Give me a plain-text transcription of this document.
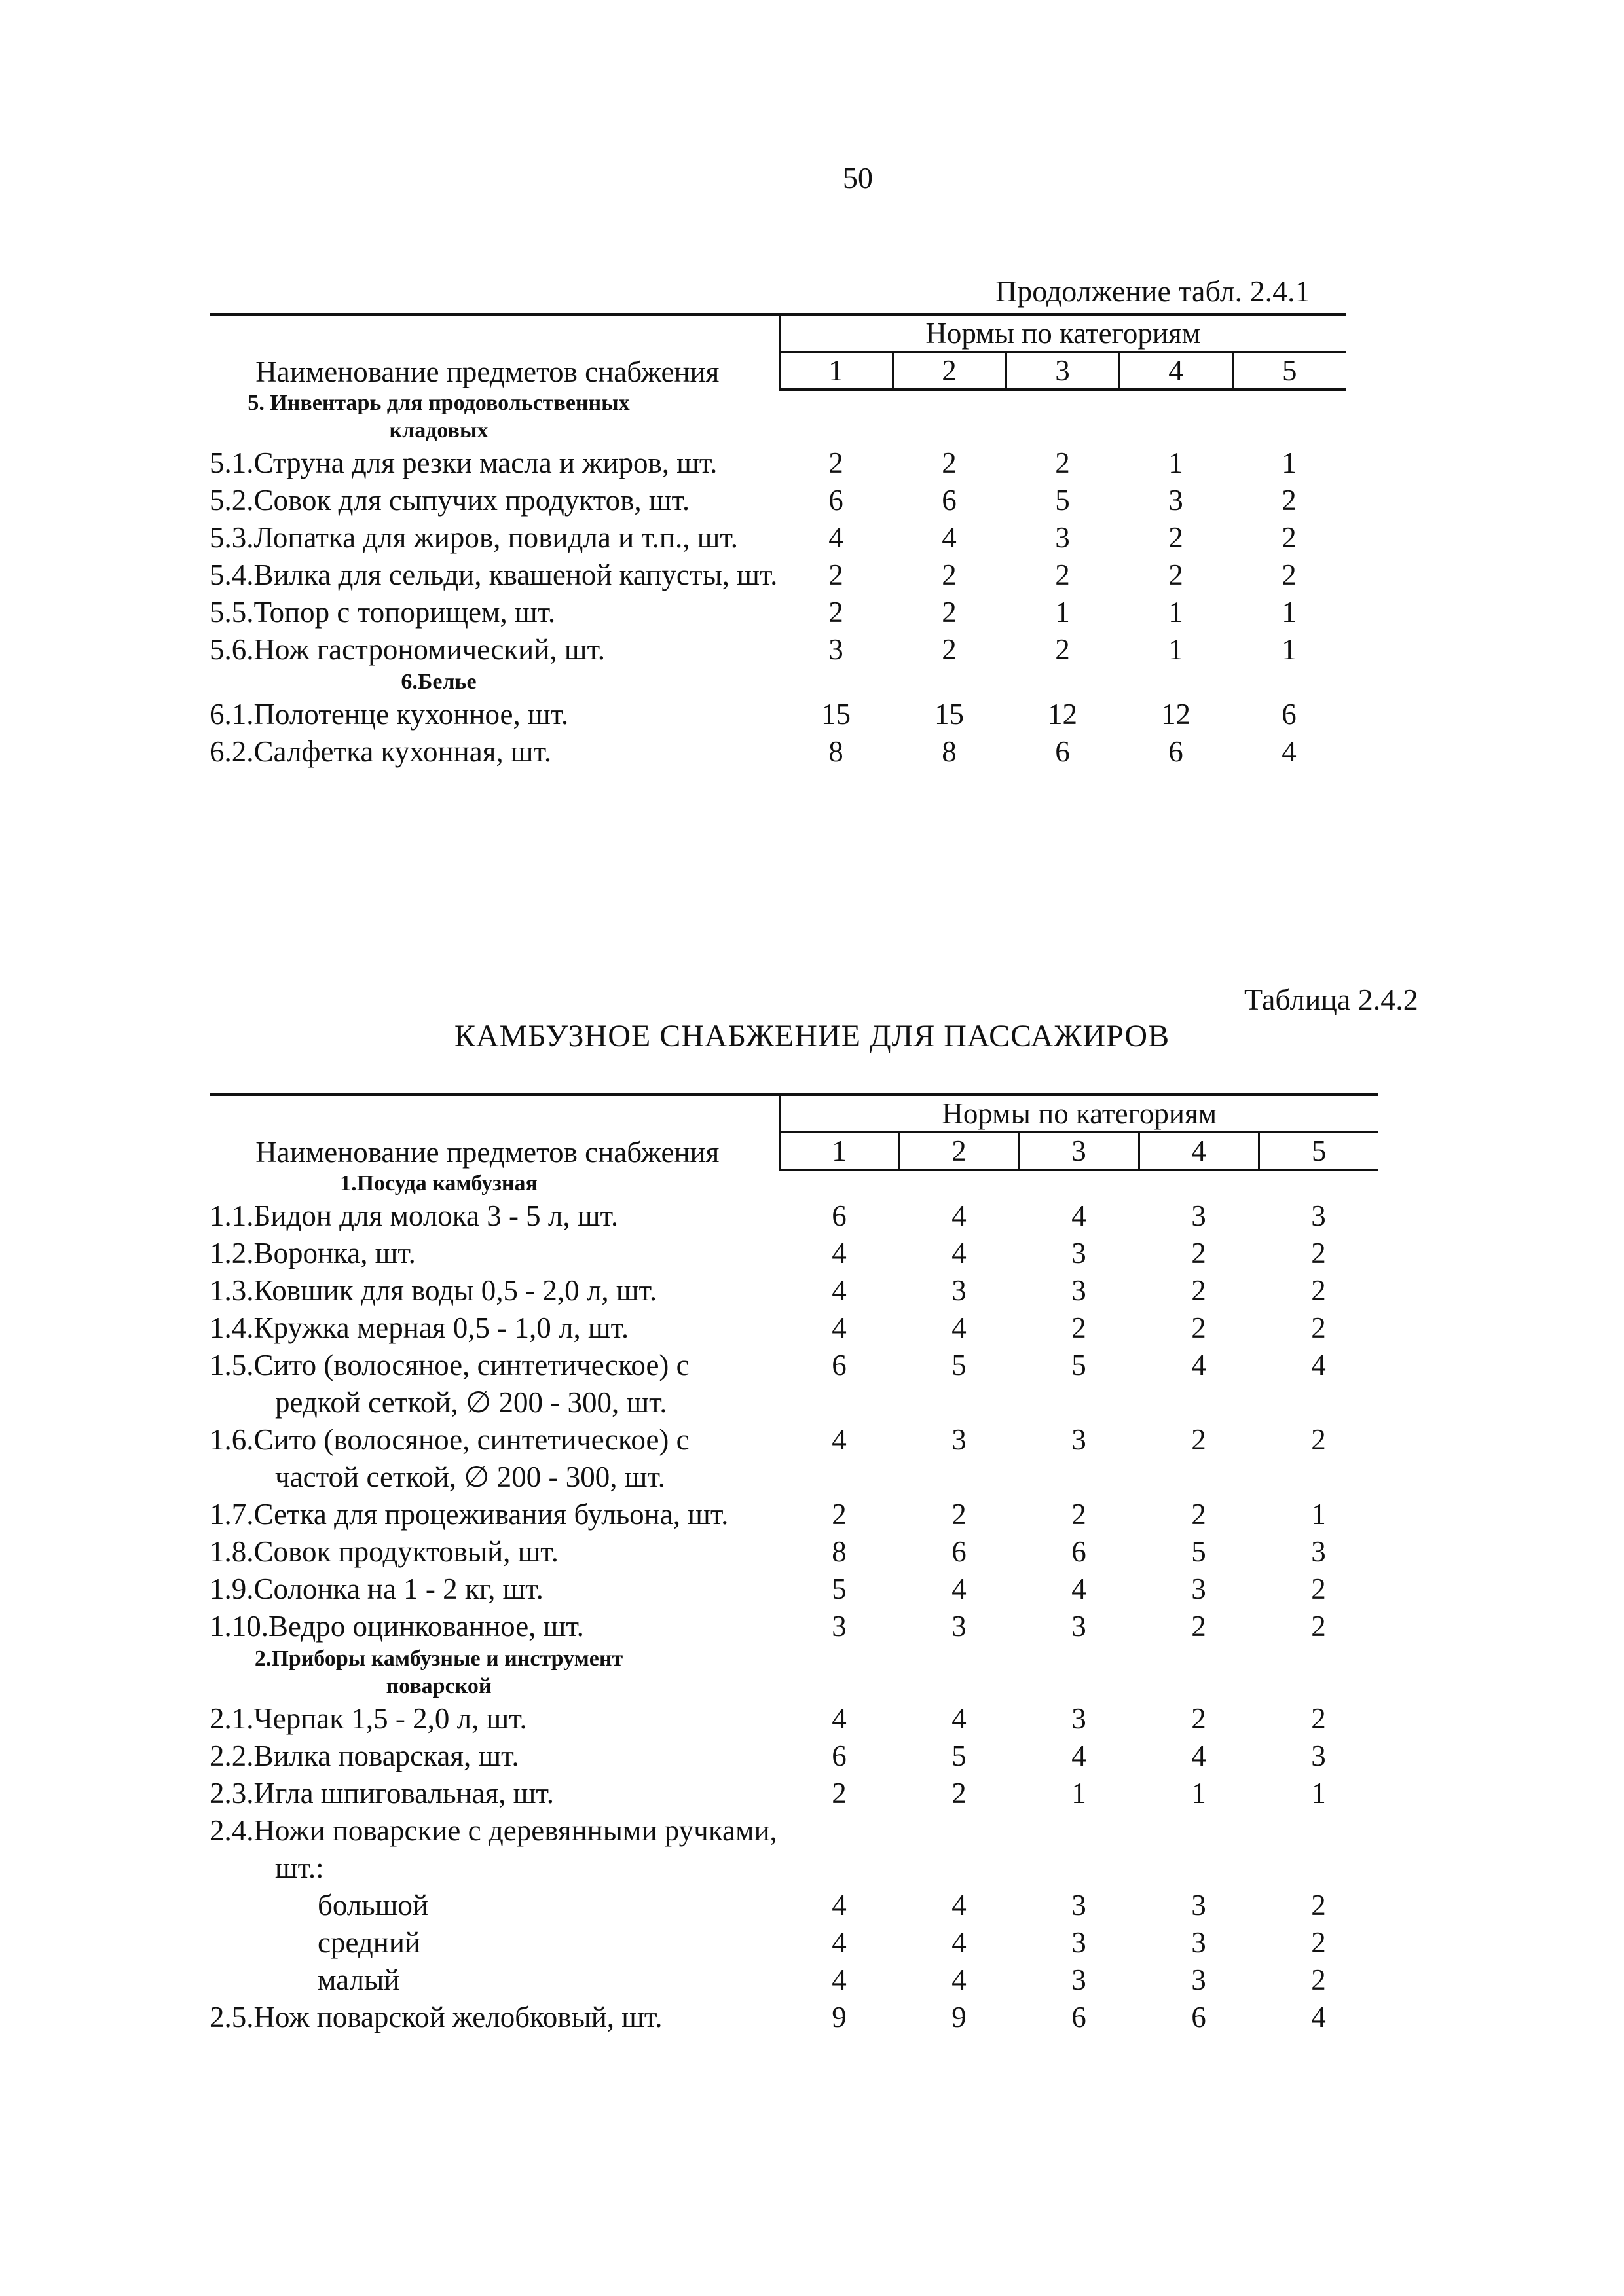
50
Продолжение табл. 2.4.1
Наименование предметов снабжения	Нормы по категориям				
	1	2	3	4	5
5. Инвентарь для продовольственных кладовых					

5.1.Струна для резки масла и жиров, шт.	2	2	2	1	1

5.2.Совок для сыпучих продуктов, шт.	6	6	5	3	2

5.3.Лопатка для жиров, повидла и т.п., шт.	4	4	3	2	2

5.4.Вилка для сельди, квашеной капусты, шт.	2	2	2	2	2

5.5.Топор с топорищем, шт.	2	2	1	1	1

5.6.Нож гастрономический, шт.	3	2	2	1	1
6.Белье					

6.1.Полотенце кухонное, шт.	15	15	12	12	6

6.2.Салфетка кухонная, шт.	8	8	6	6	4
Таблица 2.4.2
КАМБУЗНОЕ СНАБЖЕНИЕ ДЛЯ ПАССАЖИРОВ
Наименование предметов снабжения	Нормы по категориям				
	1	2	3	4	5
1.Посуда камбузная					

1.1.Бидон для молока 3 - 5 л, шт.	6	4	4	3	3

1.2.Воронка, шт.	4	4	3	2	2

1.3.Ковшик для воды 0,5 - 2,0 л, шт.	4	3	3	2	2

1.4.Кружка мерная 0,5 - 1,0 л, шт.	4	4	2	2	2

1.5.Сито (волосяное, синтетическое) с редкой сеткой, ∅ 200 - 300, шт.	6	5	5	4	4

1.6.Сито (волосяное, синтетическое) с частой сеткой, ∅ 200 - 300, шт.	4	3	3	2	2

1.7.Сетка для процеживания бульона, шт.	2	2	2	2	1

1.8.Совок продуктовый, шт.	8	6	6	5	3

1.9.Солонка на 1 - 2 кг, шт.	5	4	4	3	2

1.10.Ведро оцинкованное, шт.	3	3	3	2	2
2.Приборы камбузные и инструмент поварской					

2.1.Черпак 1,5 - 2,0 л, шт.	4	4	3	2	2

2.2.Вилка поварская, шт.	6	5	4	4	3

2.3.Игла шпиговальная, шт.	2	2	1	1	1

2.4.Ножи поварские с деревянными ручками, шт.:					

большой	4	4	3	3	2

средний	4	4	3	3	2

малый	4	4	3	3	2

2.5.Нож поварской желобковый, шт.	9	9	6	6	4
